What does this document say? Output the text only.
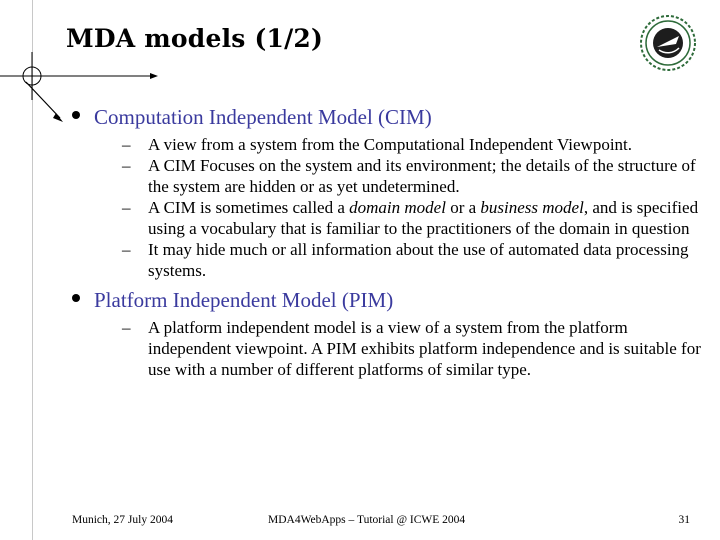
MDA models (1/2)
Computation Independent Model (CIM)
– A view from a system from the Computational Independent Viewpoint.
– A CIM Focuses on the system and its environment; the details of the structure of the system are hidden or as yet undetermined.
– A CIM is sometimes called a domain model or a business model, and is specified using a vocabulary that is familiar to the practitioners of the domain in question
– It may hide much or all information about the use of automated data processing systems.
Platform Independent Model (PIM)
– A platform independent model is a view of a system from the platform independent viewpoint. A PIM exhibits platform independence and is suitable for use with a number of different platforms of similar type.
Munich, 27 July 2004	MDA4WebApps – Tutorial @ ICWE 2004	31
